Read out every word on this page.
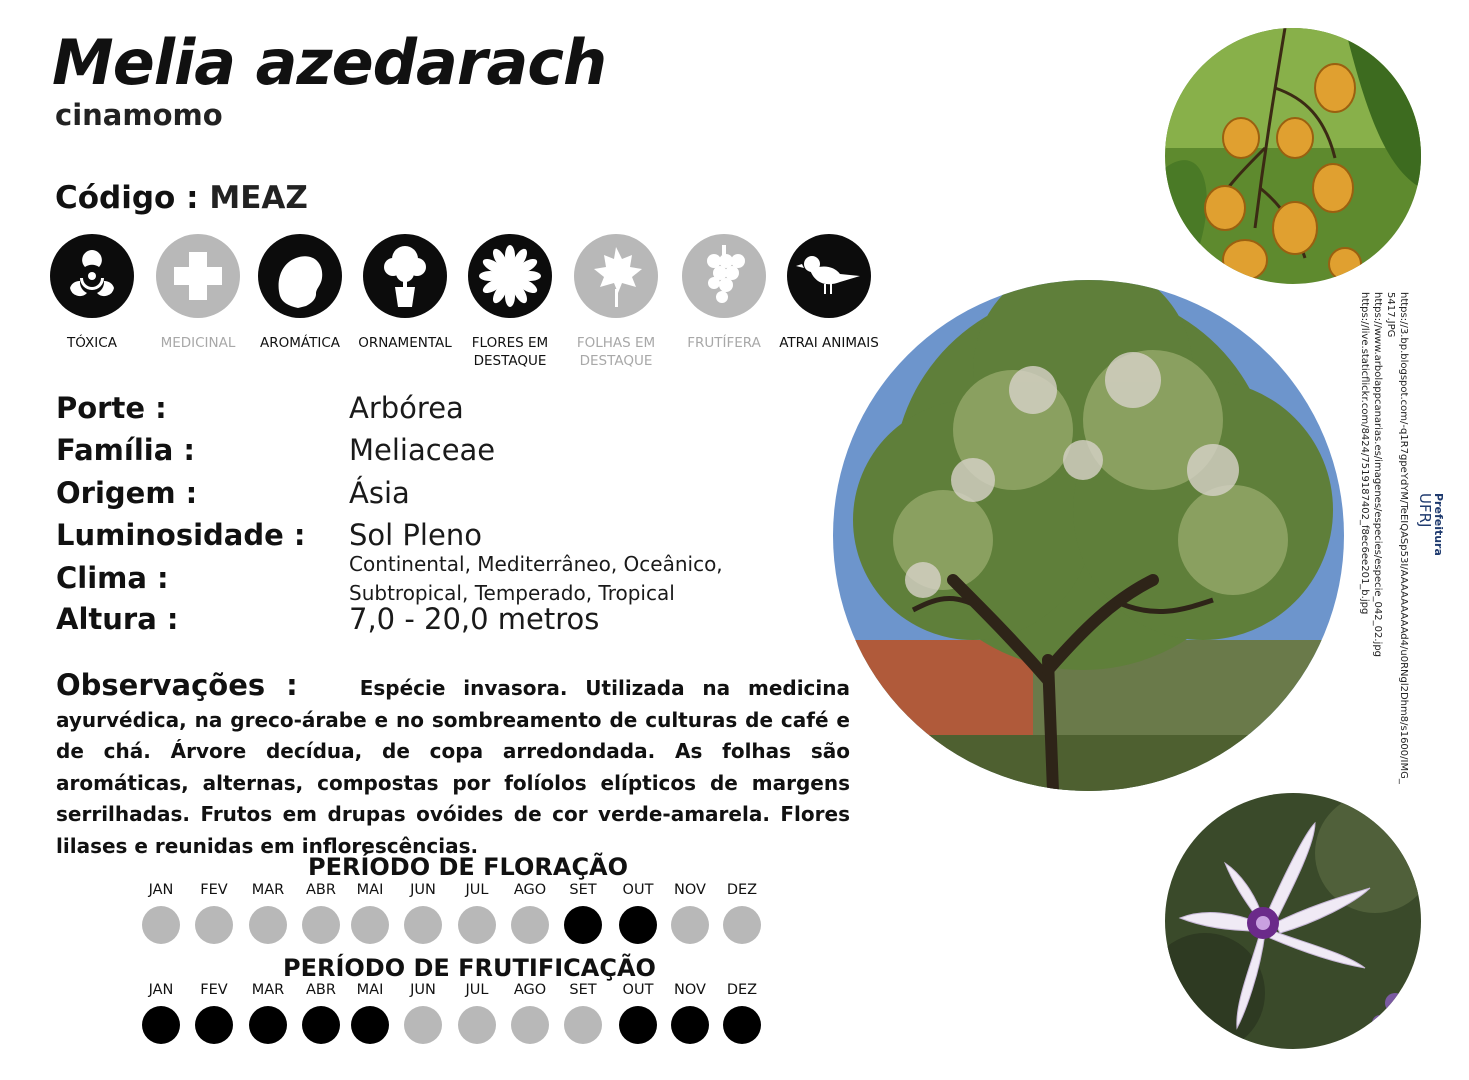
Melia azedarach
cinamomo
Código : MEAZ
TÓXICA	MEDICINAL	AROMÁTICA	ORNAMENTAL	FLORES EM DESTAQUE
FOLHAS EM DESTAQUE
FRUTÍFERA	ATRAI ANIMAIS
Porte :	Arbórea
Família :	Meliaceae
Origem :	Ásia
Luminosidade : Sol Pleno
Clima :	Continental, Mediterrâneo, Oceânico,
Subtropical, Temperado, Tropical
Altura :	7,0 - 20,0 metros
Observações :	Espécie invasora. Utilizada na medicina ayurvédica, na greco-árabe e no sombreamento de culturas de café e de chá. Árvore decídua, de copa arredondada. As folhas são aromáticas, alternas, compostas por folíolos elípticos de margens serrilhadas. Frutos em drupas ovóides de cor verde-amarela. Flores lilases e reunidas em inflorescências.
PERÍODO DE FLORAÇÃO
JAN	FEV	MAR	ABR	MAI	JUN	JUL	AGO	SET	OUT	NOV	DEZ
PERÍODO DE FRUTIFICAÇÃO
JAN	FEV	MAR	ABR	MAI	JUN	JUL	AGO	SET	OUT	NOV	DEZ
https://3.bp.blogspot.com/-q1R7gpeYdYM/TeEIQASp53I/AAAAAAAAAd4/u0RNgl2Dhm8/s1600/IMG_
5417.JPG
https://www.arbolappcanarias.es/imagenes/especies/especie_042_02.jpg
https://live.staticflickr.com/8424/7519187402_f8ec6ee201_b.jpg	Prefeitura
UFRJ
